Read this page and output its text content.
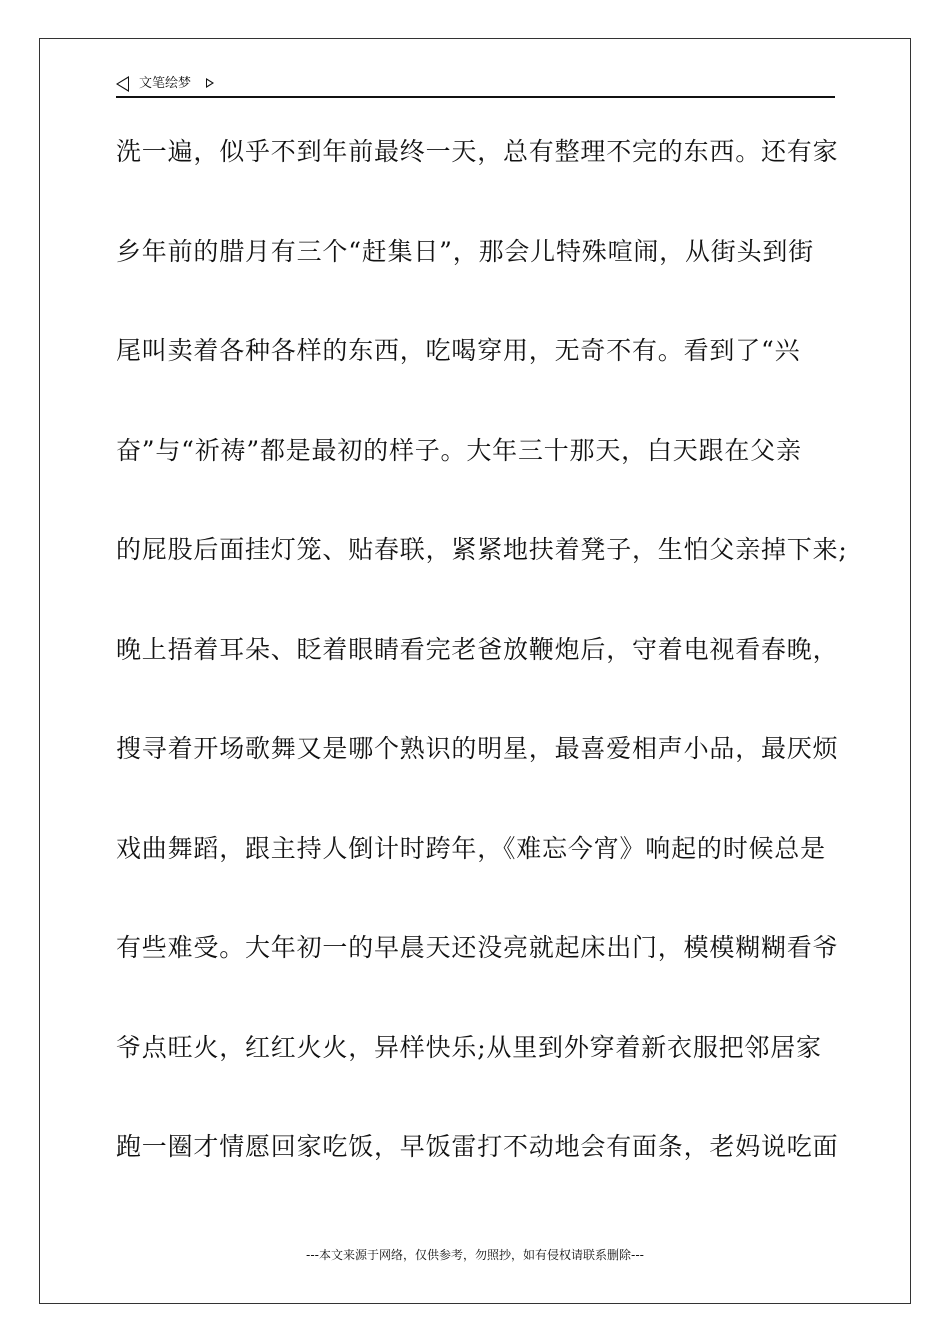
文笔绘梦
洗一遍，似乎不到年前最终一天，总有整理不完的东西。还有家
乡年前的腊月有三个“赶集日”，那会儿特殊喧闹，从街头到街
尾叫卖着各种各样的东西，吃喝穿用，无奇不有。看到了“兴
奋”与“祈祷”都是最初的样子。大年三十那天，白天跟在父亲
的屁股后面挂灯笼、贴春联，紧紧地扶着凳子，生怕父亲掉下来;
晚上捂着耳朵、眨着眼睛看完老爸放鞭炮后，守着电视看春晚，
搜寻着开场歌舞又是哪个熟识的明星，最喜爱相声小品，最厌烦
戏曲舞蹈，跟主持人倒计时跨年，《难忘今宵》响起的时候总是
有些难受。大年初一的早晨天还没亮就起床出门，模模糊糊看爷
爷点旺火，红红火火，异样快乐;从里到外穿着新衣服把邻居家
跑一圈才情愿回家吃饭，早饭雷打不动地会有面条，老妈说吃面
---本文来源于网络，仅供参考，勿照抄，如有侵权请联系删除---
